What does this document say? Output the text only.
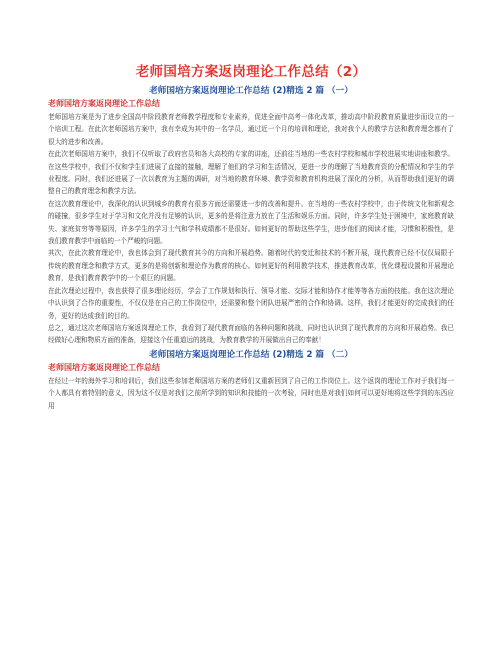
老师国培方案返岗理论工作总结（2）
老师国培方案返岗理论工作总结 (2)精选 2 篇 （一）
老师国培方案返岗理论工作总结

老师国培方案是为了进步全国高中阶段教育老师教学程度和专业素养，促进全面中高考一体化改革，推动高中阶段教育质量进步而设立的一个培训工程。在此次老师国培方案中，我有幸成为其中的一名学员，通过近一个月的培训和理论，我对我个人的教学方法和教育理念都有了很大的进步和改善。

在此次老师国培方案中，我们不仅听取了政府官员和各大高校的专家的讲座，还前往当地的一些农村学校和城市学校进展实地讲座和教学。在这些学校中，我们不仅和学生们进展了直接的接触，理解了他们的学习和生活情况，更进一步的理解了当地教育资的分配情况和学生的学业程度。同时，我们还进展了一次以教育为主题的调研，对当地的教育环境、教学资和教育机构进展了深化的分析，从而帮助我们更好的调整自己的教育理念和教学方法。

在这次教育理论中，我深化的认识到城乡的教育有很多方面还需要进一步的改善和提升。在当地的一些农村学校中，由于传统文化和新观念的碰撞，很多学生对于学习和文化并没有足够的认识，更多的是将注意力放在了生活和娱乐方面。同时，许多学生处于困境中，家庭教育缺失、家庭贫穷等等原因，许多学生的学习士气和学科成绩都不是很好。如何更好的帮助这些学生，进步他们的阅读才能，习惯和积极性，是我们教育教学中面临的一个严峻的问题。

其次，在此次教育理论中，我也体会到了现代教育其今的方向和开展趋势。随着时代的变迁和技术的不断开展，现代教育已经不仅仅局限于传统的教育理念和教学方式，更多的是将创新和理论作为教育的核心。如何更好的利用教学技术，推进教育改革，优化课程设置和开展理论教育，是我们教育教学中的一个艰巨的问题。

在此次理论过程中，我也获得了很多理论经历，学会了工作规划和执行、领导才能、交际才能和协作才能等等各方面的技能。我在这次理论中认识到了合作的重要性，不仅仅是在自己的工作岗位中，还需要和整个团队进展严密的合作和协调。这样，我们才能更好的完成我们的任务，更好的达成我们的目的。

总之，通过这次老师国培方案返岗理论工作，我看到了现代教育面临的各种问题和挑战，同时也认识到了现代教育的方向和开展趋势。我已经做好心理和物质方面的准备，迎接这个任重道远的挑战，为教育教学的开展做出自己的奉献！

老师国培方案返岗理论工作总结 (2)精选 2 篇 （二）
老师国培方案返岗理论工作总结

在经过一年的海外学习和培训后，我们这些参加老师国培方案的老师们又重新回到了自己的工作岗位上。这个返岗的理论工作对于我们每一个人都具有着特别的意义，因为这不仅是对我们之前所学到的知识和技能的一次考验，同时也是对我们如何可以更好地将这些学到的东西应用
